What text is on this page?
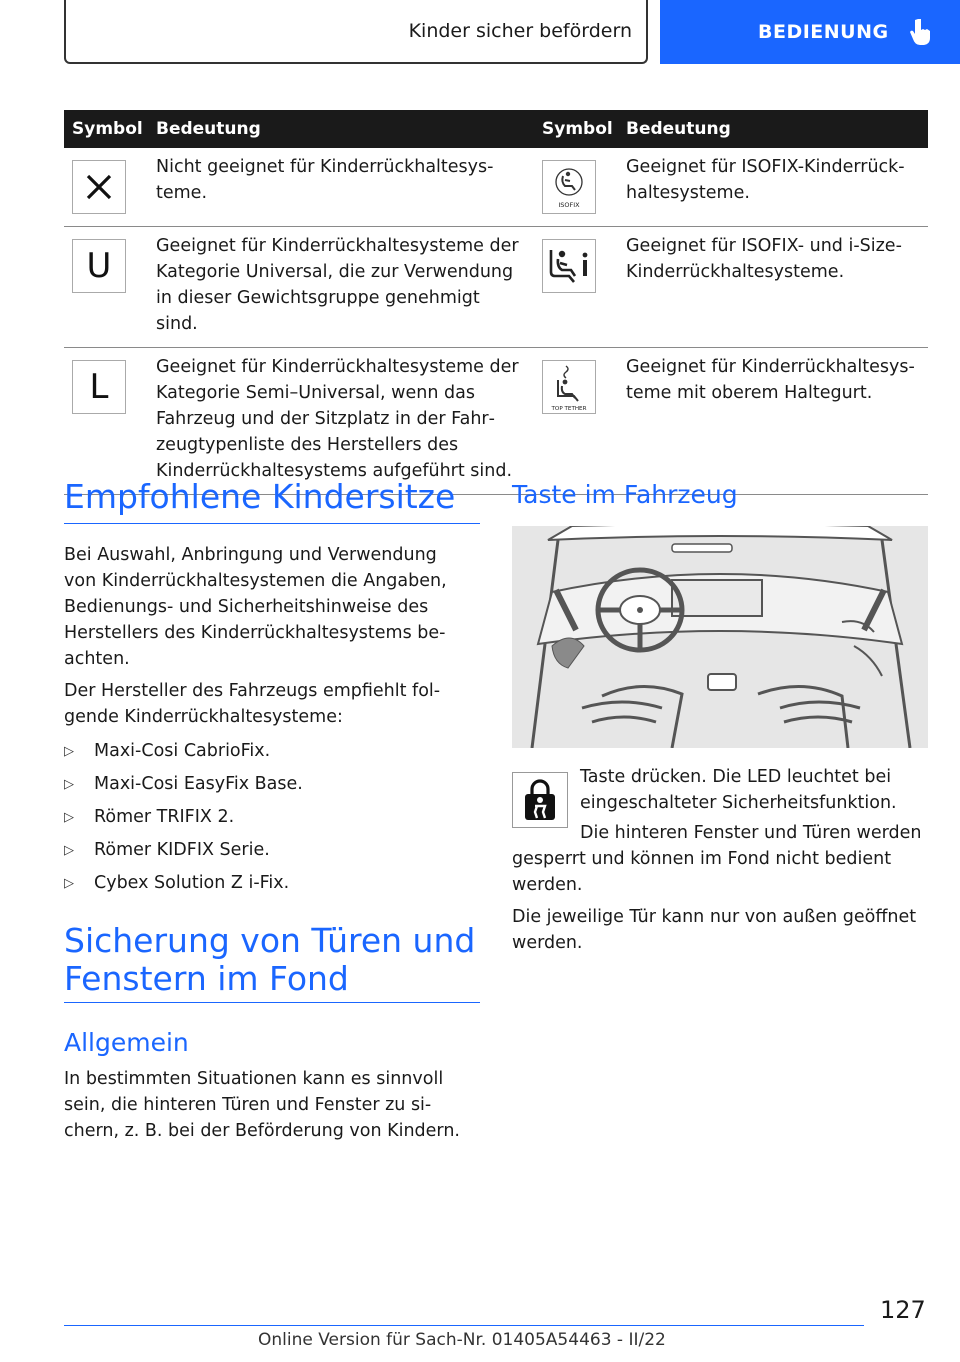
Kinder sicher befördern	BEDIENUNG
Symbol	Bedeutung	Symbol	Bedeutung

	Nicht geeignet für Kinderrückhaltesysteme.	ISOFIX	Geeignet für ISOFIX-Kinderrückhaltesysteme.

U	Geeignet für Kinderrückhaltesysteme der Kategorie Universal, die zur Verwendung in dieser Gewichtsgruppe genehmigt sind.		Geeignet für ISOFIX- und i-Size-Kinderrückhaltesysteme.

L	Geeignet für Kinderrückhaltesysteme der Kategorie Semi–Universal, wenn das Fahrzeug und der Sitzplatz in der Fahrzeugtypenliste des Herstellers des Kinderrückhaltesystems aufgeführt sind.	TOP TETHER	Geeignet für Kinderrückhaltesysteme mit oberem Haltegurt.
Empfohlene Kindersitze

Bei Auswahl, Anbringung und Verwendung von Kinderrückhaltesystemen die Angaben, Bedienungs- und Sicherheitshinweise des Herstellers des Kinderrückhaltesystems beachten.

Der Hersteller des Fahrzeugs empfiehlt folgende Kinderrückhaltesysteme:

▷	Maxi-Cosi CabrioFix.
▷	Maxi-Cosi EasyFix Base.
▷	Römer TRIFIX 2.
▷	Römer KIDFIX Serie.
▷	Cybex Solution Z i-Fix.
Sicherung von Türen und Fenstern im Fond
Allgemein

In bestimmten Situationen kann es sinnvoll sein, die hinteren Türen und Fenster zu sichern, z. B. bei der Beförderung von Kindern.

Taste im Fahrzeug

Taste drücken. Die LED leuchtet bei eingeschalteter Sicherheitsfunktion.

Die hinteren Fenster und Türen werden gesperrt und können im Fond nicht bedient werden.

Die jeweilige Tür kann nur von außen geöffnet werden.

127
Online Version für Sach-Nr. 01405A54463 - II/22
